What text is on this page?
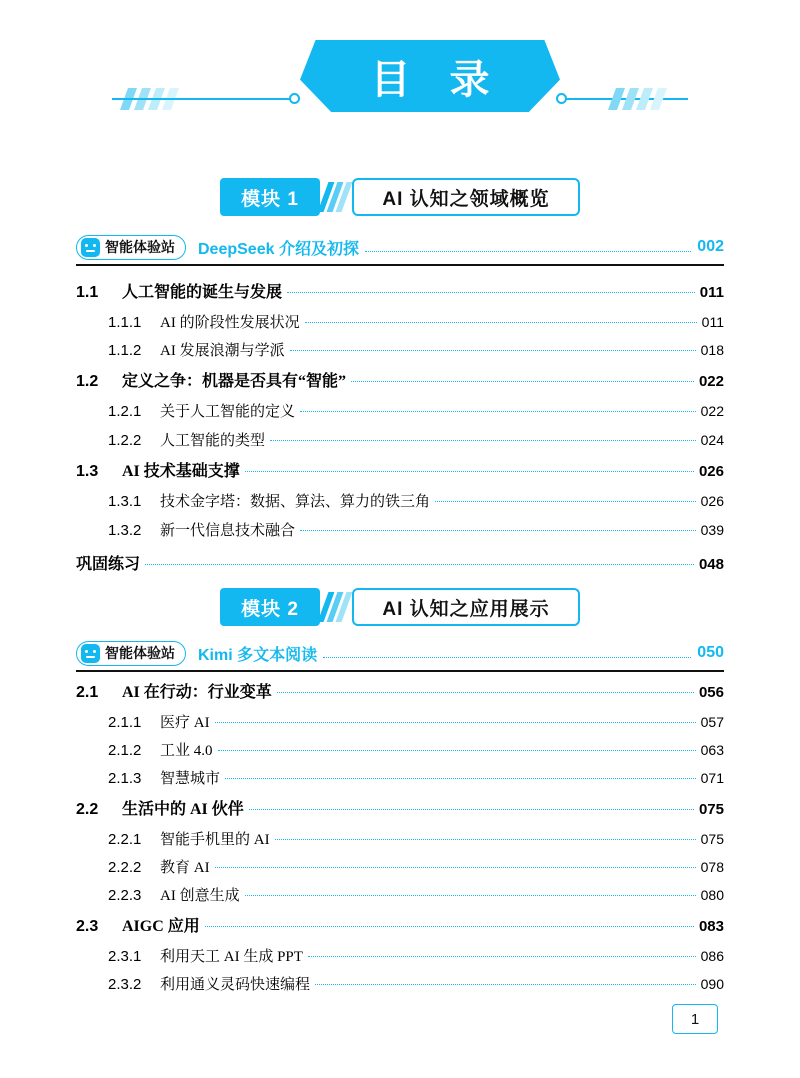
目 录
模块 1	AI 认知之领域概览
智能体验站 DeepSeek 介绍及初探	002
1.1	人工智能的诞生与发展	011
1.1.1	AI 的阶段性发展状况	011
1.1.2	AI 发展浪潮与学派	018
1.2	定义之争：机器是否具有“智能”	022
1.2.1	关于人工智能的定义	022
1.2.2	人工智能的类型	024
1.3	AI 技术基础支撑	026
1.3.1	技术金字塔：数据、算法、算力的铁三角	026
1.3.2	新一代信息技术融合	039
巩固练习	048
模块 2	AI 认知之应用展示
智能体验站 Kimi 多文本阅读	050
2.1	AI 在行动：行业变革	056
2.1.1	医疗 AI	057
2.1.2	工业 4.0	063
2.1.3	智慧城市	071
2.2	生活中的 AI 伙伴	075
2.2.1	智能手机里的 AI	075
2.2.2	教育 AI	078
2.2.3	AI 创意生成	080
2.3	AIGC 应用	083
2.3.1	利用天工 AI 生成 PPT	086
2.3.2	利用通义灵码快速编程	090
1
